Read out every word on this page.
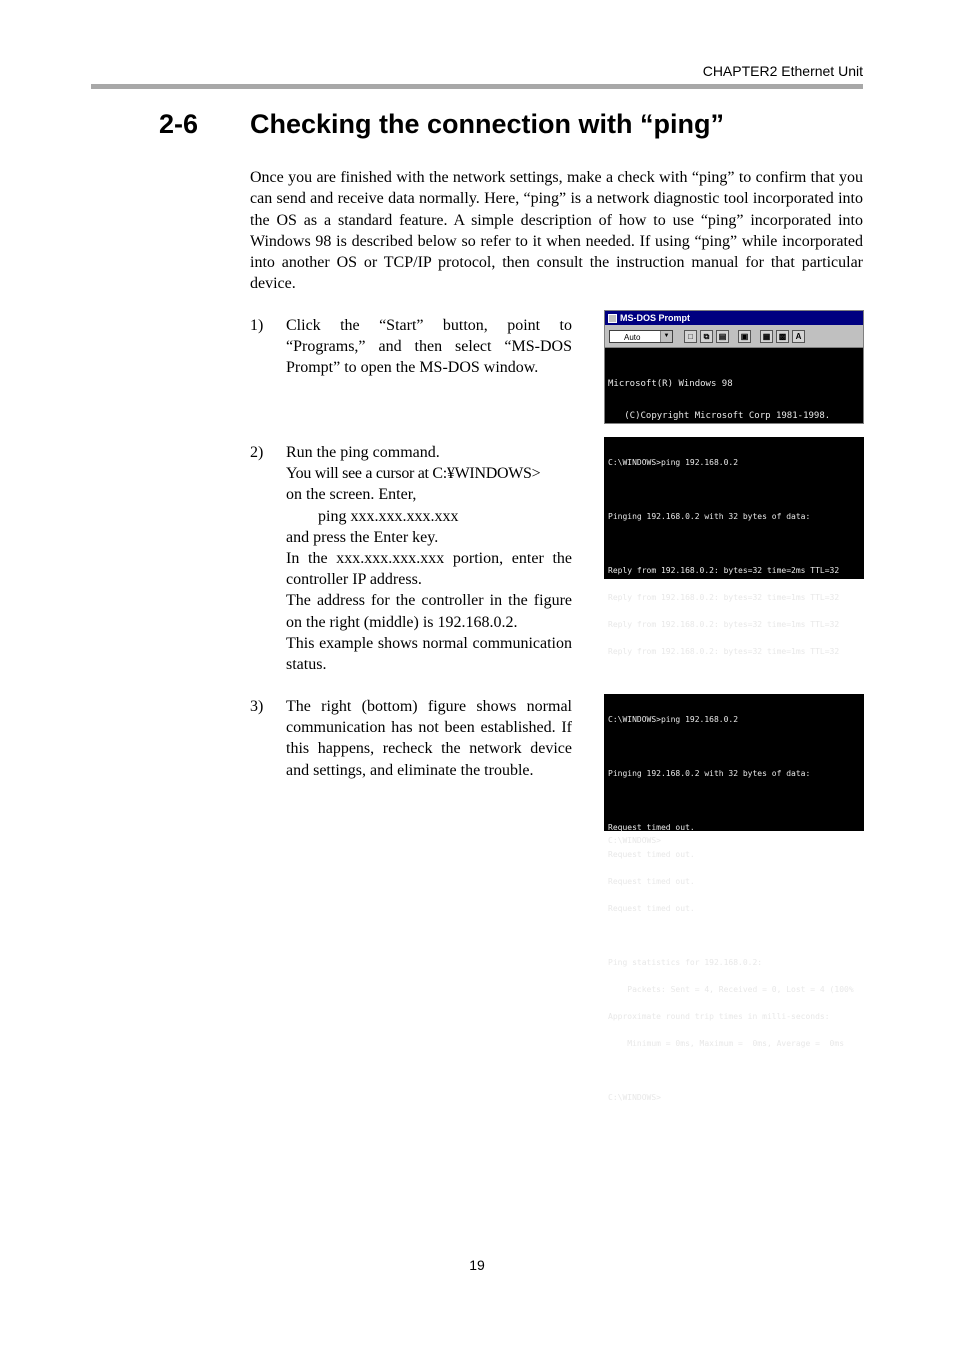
CHAPTER2 Ethernet Unit
2-6 Checking the connection with “ping”

Once you are finished with the network settings, make a check with “ping” to confirm that you can send and receive data normally. Here, “ping” is a network diagnostic tool incorporated into the OS as a standard feature. A simple description of how to use “ping” incorporated into Windows 98 is described below so refer to it when needed. If using “ping” while incorporated into another OS or TCP/IP protocol, then consult the instruction manual for that particular device.

1) Click the “Start” button, point to “Programs,” and then select “MS-DOS Prompt” to open the MS-DOS window.
2) Run the ping command.
You will see a cursor at C:¥WINDOWS>
on the screen. Enter,
ping xxx.xxx.xxx.xxx
and press the Enter key.
In the xxx.xxx.xxx.xxx portion, enter the controller IP address.
The address for the controller in the figure on the right (middle) is 192.168.0.2.
This example shows normal communication status.
3) The right (bottom) figure shows normal communication has not been established. If this happens, recheck the network device and settings, and eliminate the trouble.
MS-DOS Prompt
Auto	▼	□	⧉	▤	▣	▦	▩	A

Microsoft(R) Windows 98

(C)Copyright Microsoft Corp 1981-1998.

C:\WINDOWS>ping 192.168.0.2

Pinging 192.168.0.2 with 32 bytes of data:

Reply from 192.168.0.2: bytes=32 time=2ms TTL=32

Reply from 192.168.0.2: bytes=32 time=1ms TTL=32

Reply from 192.168.0.2: bytes=32 time=1ms TTL=32

Reply from 192.168.0.2: bytes=32 time=1ms TTL=32

C:\WINDOWS>

C:\WINDOWS>ping 192.168.0.2

Pinging 192.168.0.2 with 32 bytes of data:

Request timed out.

Request timed out.

Request timed out.

Request timed out.

Ping statistics for 192.168.0.2:

Packets: Sent = 4, Received = 0, Lost = 4 (100%

Approximate round trip times in milli-seconds:

Minimum = 0ms, Maximum =  0ms, Average =  0ms

C:\WINDOWS>

19
